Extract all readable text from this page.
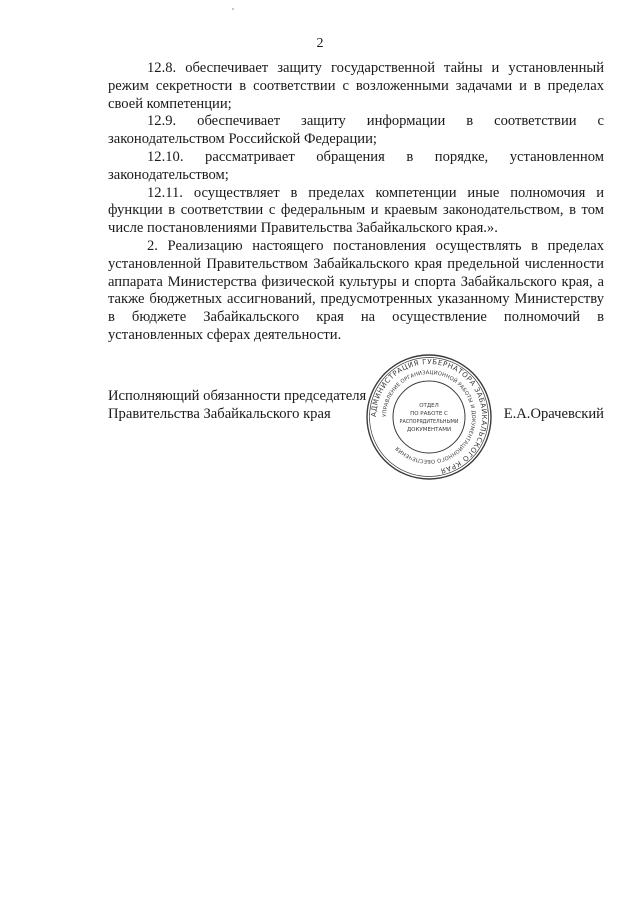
2

12.8. обеспечивает защиту государственной тайны и установленный режим секретности в соответствии с возложенными задачами и в пределах своей компетенции;

12.9. обеспечивает защиту информации в соответствии с законодательством Российской Федерации;

12.10. рассматривает обращения в порядке, установленном законодательством;

12.11. осуществляет в пределах компетенции иные полномочия и функции в соответствии с федеральным и краевым законодательством, в том числе постановлениями Правительства Забайкальского края.».

2. Реализацию настоящего постановления осуществлять в пределах установленной Правительством Забайкальского края предельной численности аппарата Министерства физической культуры и спорта Забайкальского края, а также бюджетных ассигнований, предусмотренных указанному Министерству в бюджете Забайкальского края на осуществление полномочий в установленных сферах деятельности.

Исполняющий обязанности председателя
Правительства Забайкальского края	Е.А.Орачевский
АДМИНИСТРАЦИЯ ГУБЕРНАТОРА ЗАБАЙКАЛЬСКОГО КРАЯ
УПРАВЛЕНИЕ ОРГАНИЗАЦИОННОЙ РАБОТЫ И ДОКУМЕНТАЦИОННОГО ОБЕСПЕЧЕНИЯ
ОТДЕЛ
ПО РАБОТЕ С
РАСПОРЯДИТЕЛЬНЫМИ
ДОКУМЕНТАМИ
